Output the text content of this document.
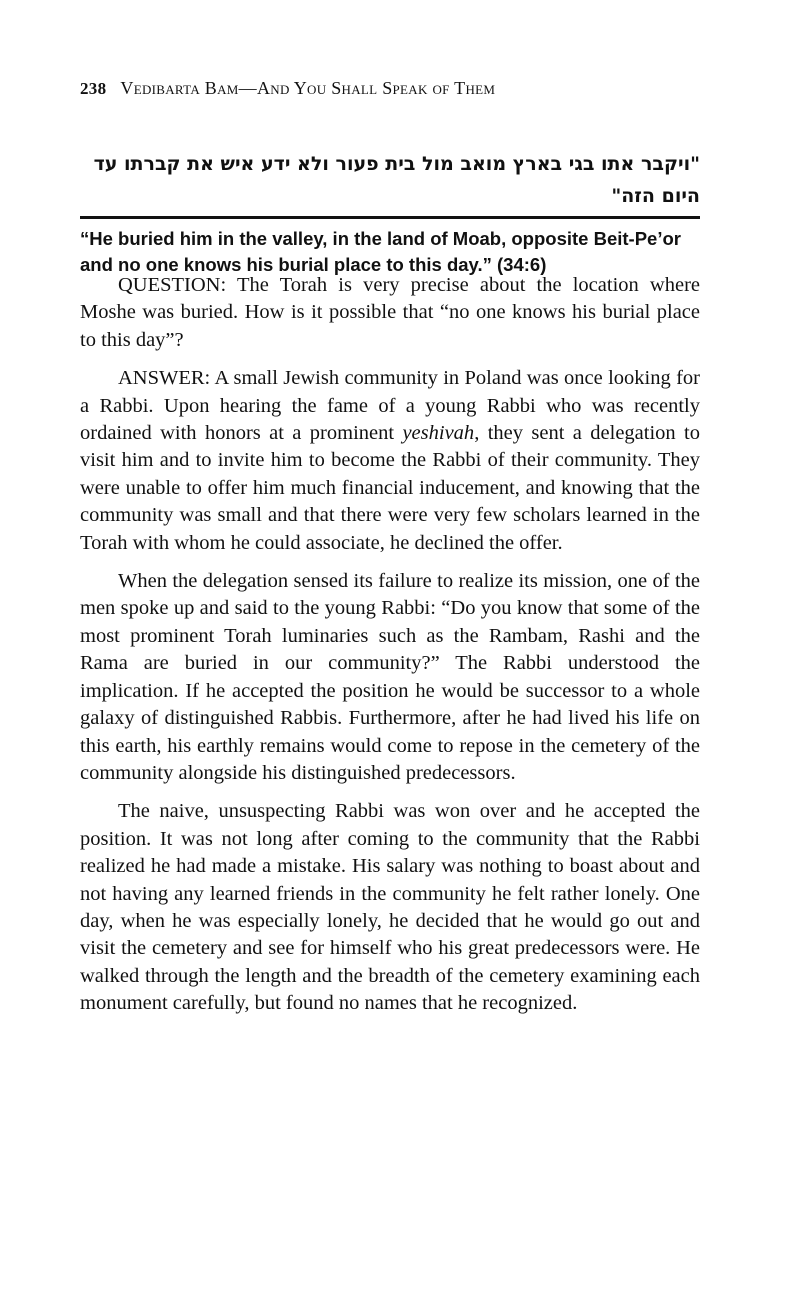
238 Vedibarta Bam—And You Shall Speak of Them
"ויקבר אתו בגי בארץ מואב מול בית פעור ולא ידע איש את קברתו עד היום הזה"
“He buried him in the valley, in the land of Moab, opposite Beit-Pe’or and no one knows his burial place to this day.” (34:6)

QUESTION: The Torah is very precise about the location where Moshe was buried. How is it possible that “no one knows his burial place to this day”?

ANSWER: A small Jewish community in Poland was once looking for a Rabbi. Upon hearing the fame of a young Rabbi who was recently ordained with honors at a prominent yeshivah, they sent a delegation to visit him and to invite him to become the Rabbi of their community. They were unable to offer him much financial inducement, and knowing that the community was small and that there were very few scholars learned in the Torah with whom he could associate, he declined the offer.

When the delegation sensed its failure to realize its mission, one of the men spoke up and said to the young Rabbi: “Do you know that some of the most prominent Torah luminaries such as the Rambam, Rashi and the Rama are buried in our community?” The Rabbi understood the implication. If he accepted the position he would be successor to a whole galaxy of distinguished Rabbis. Furthermore, after he had lived his life on this earth, his earthly remains would come to repose in the cemetery of the community alongside his distinguished predecessors.

The naive, unsuspecting Rabbi was won over and he accepted the position. It was not long after coming to the community that the Rabbi realized he had made a mistake. His salary was nothing to boast about and not having any learned friends in the community he felt rather lonely. One day, when he was especially lonely, he decided that he would go out and visit the cemetery and see for himself who his great predecessors were. He walked through the length and the breadth of the cemetery examining each monument carefully, but found no names that he recognized.
